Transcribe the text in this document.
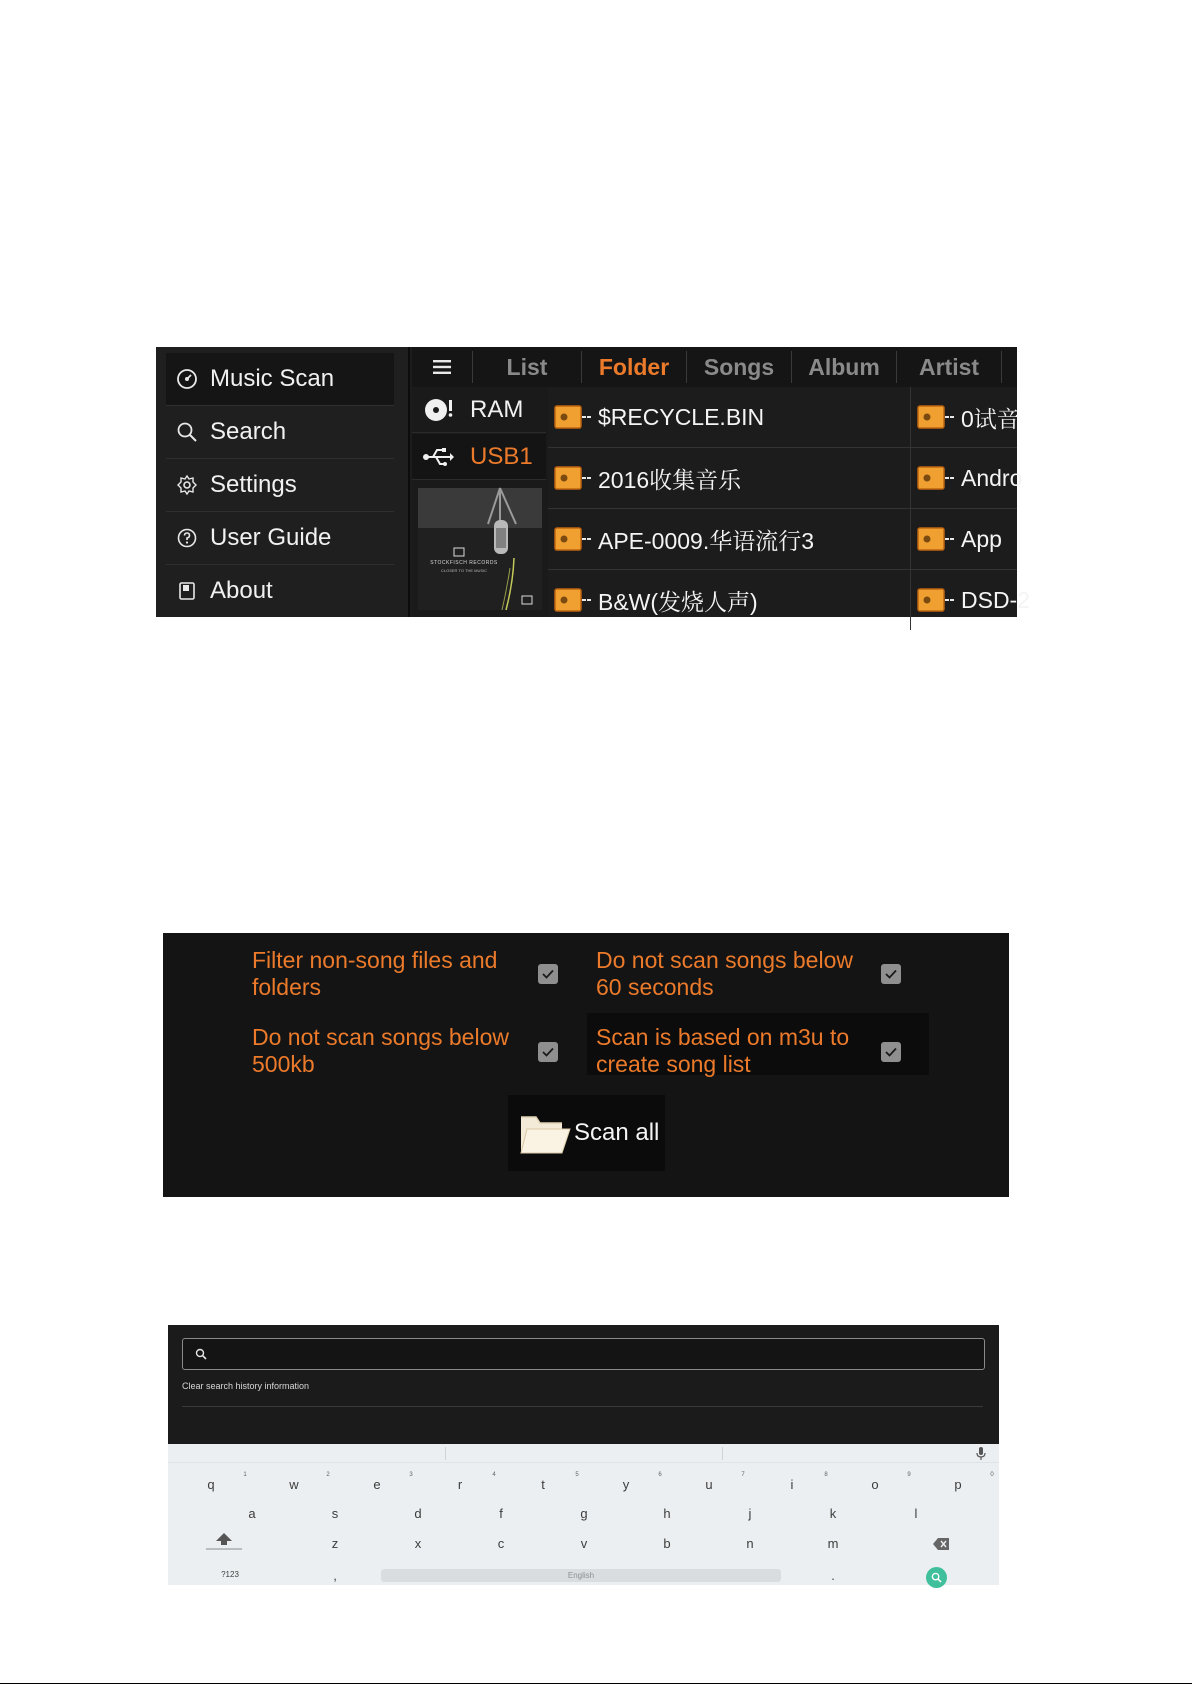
Music Scan
Search
Settings
User Guide
About
List	Folder	Songs	Album	Artist
RAM
USB1
STOCKFISCH RECORDS
CLOSER TO THE MUSIC
$RECYCLE.BIN	0试音
2016收集音乐	Andro
APE-0009.华语流行3	App
B&W(发烧人声)	DSD-2
Filter non-song files and
folders
Do not scan songs below
60 seconds
Do not scan songs below
500kb
Scan is based on m3u to
create song list
Scan all
Clear search history information
q
1
w
2
e
3
r
4
t
5
y
6
u
7
i
8
o
9
p
0
a	s	d	f	g	h	j	k	l
z	x	c	v	b	n	m
?123	,	English	.
